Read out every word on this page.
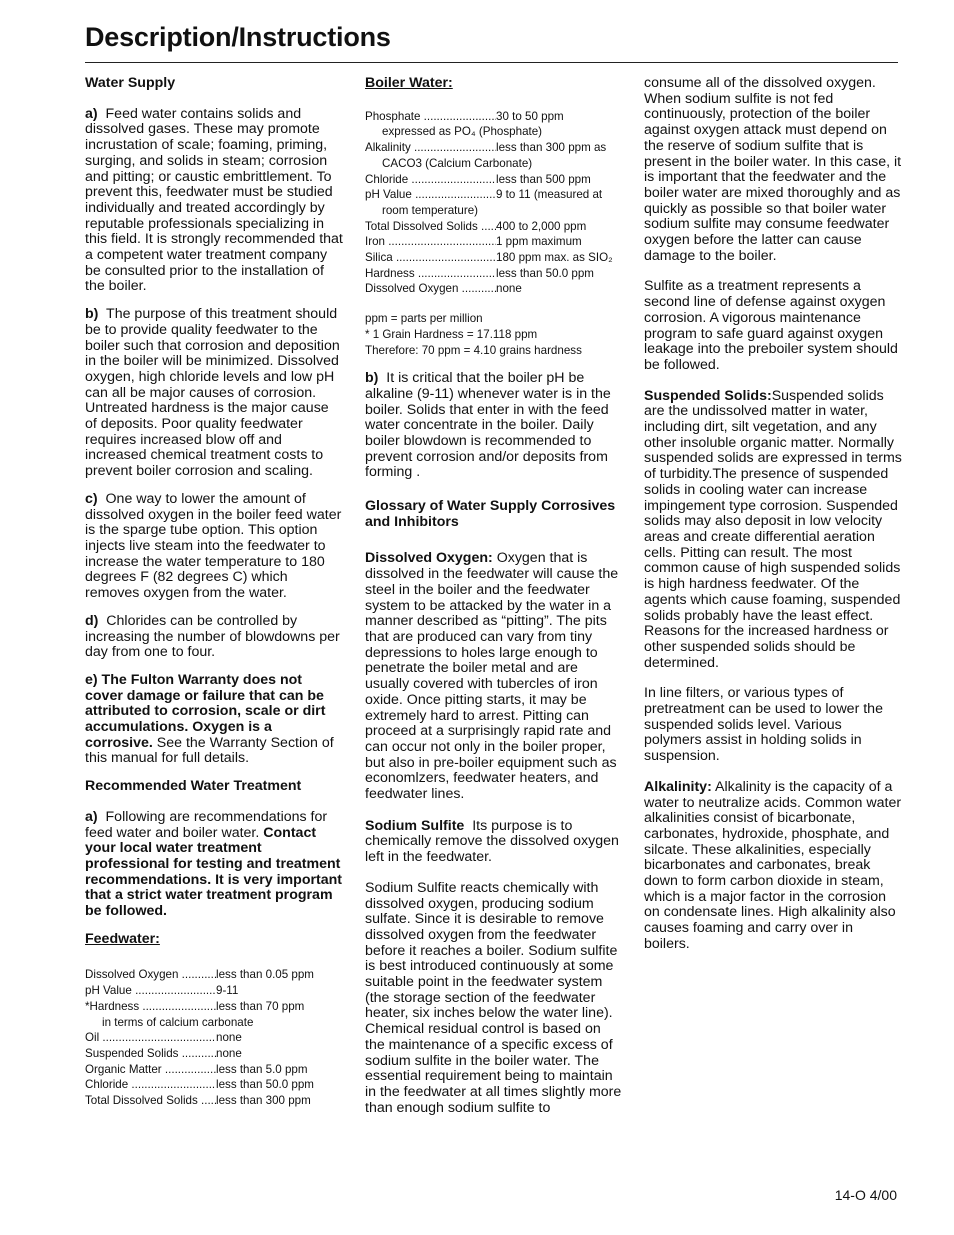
Description/Instructions

Water Supply

a) Feed water contains solids and dissolved gases. These may promote incrustation of scale; foaming, priming, surging, and solids in steam; corrosion and pitting; or caustic embrittlement. To prevent this, feedwater must be studied individually and treated accordingly by reputable professionals specializing in this field. It is strongly recommended that a competent water treatment company be consulted prior to the installation of the boiler.

b) The purpose of this treatment should be to provide quality feedwater to the boiler such that corrosion and deposition in the boiler will be minimized. Dissolved oxygen, high chloride levels and low pH can all be major causes of corrosion. Untreated hardness is the major cause of deposits. Poor quality feedwater requires increased blow off and increased chemical treatment costs to prevent boiler corrosion and scaling.

c) One way to lower the amount of dissolved oxygen in the boiler feed water is the sparge tube option. This option injects live steam into the feedwater to increase the water temperature to 180 degrees F (82 degrees C) which removes oxygen from the water.

d) Chlorides can be controlled by increasing the number of blowdowns per day from one to four.

e) The Fulton Warranty does not cover damage or failure that can be attributed to corrosion, scale or dirt accumulations. Oxygen is a corrosive. See the Warranty Section of this manual for full details.

Recommended Water Treatment

a) Following are recommendations for feed water and boiler water. Contact your local water treatment professional for testing and treatment recommendations. It is very important that a strict water treatment program be followed.

Feedwater:

Dissolved Oxygen .....	less than 0.05 ppm
pH Value .....	9-11
*Hardness .....	less than 70 ppm
in terms of calcium carbonate
Oil .....	none
Suspended Solids .....	none
Organic Matter .....	less than 5.0 ppm
Chloride .....	less than 50.0 ppm
Total Dissolved Solids .....	less than 300 ppm

Boiler Water:

Phosphate .....	30 to 50 ppm
expressed as PO₄ (Phosphate)
Alkalinity .....	less than 300 ppm as
CACO3 (Calcium Carbonate)
Chloride .....	less than 500 ppm
pH Value .....	9 to 11 (measured at
room temperature)
Total Dissolved Solids .....	400 to 2,000 ppm
Iron .....	1 ppm maximum
Silica .....	180 ppm max. as SIO₂
Hardness .....	less than 50.0 ppm
Dissolved Oxygen .....	none
ppm = parts per million
* 1 Grain Hardness = 17.118 ppm
Therefore: 70 ppm = 4.10 grains hardness

b) It is critical that the boiler pH be alkaline (9-11) whenever water is in the boiler. Solids that enter in with the feed water concentrate in the boiler. Daily boiler blowdown is recommended to prevent corrosion and/or deposits from forming .

Glossary of Water Supply Corrosives and Inhibitors

Dissolved Oxygen: Oxygen that is dissolved in the feedwater will cause the steel in the boiler and the feedwater system to be attacked by the water in a manner described as “pitting”. The pits that are produced can vary from tiny depressions to holes large enough to penetrate the boiler metal and are usually covered with tubercles of iron oxide. Once pitting starts, it may be extremely hard to arrest. Pitting can proceed at a surprisingly rapid rate and can occur not only in the boiler proper, but also in pre-boiler equipment such as economlzers, feedwater heaters, and feedwater lines.

Sodium Sulfite Its purpose is to chemically remove the dissolved oxygen left in the feedwater.

Sodium Sulfite reacts chemically with dissolved oxygen, producing sodium sulfate. Since it is desirable to remove dissolved oxygen from the feedwater before it reaches a boiler. Sodium sulfite is best introduced continuously at some suitable point in the feedwater system (the storage section of the feedwater heater, six inches below the water line). Chemical residual control is based on the maintenance of a specific excess of sodium sulfite in the boiler water. The essential requirement being to maintain in the feedwater at all times slightly more than enough sodium sulfite to

consume all of the dissolved oxygen. When sodium sulfite is not fed continuously, protection of the boiler against oxygen attack must depend on the reserve of sodium sulfite that is present in the boiler water. In this case, it is important that the feedwater and the boiler water are mixed thoroughly and as quickly as possible so that boiler water sodium sulfite may consume feedwater oxygen before the latter can cause damage to the boiler.

Sulfite as a treatment represents a second line of defense against oxygen corrosion. A vigorous maintenance program to safe guard against oxygen leakage into the preboiler system should be followed.

Suspended Solids:Suspended solids are the undissolved matter in water, including dirt, silt vegetation, and any other insoluble organic matter. Normally suspended solids are expressed in terms of turbidity.The presence of suspended solids in cooling water can increase impingement type corrosion. Suspended solids may also deposit in low velocity areas and create differential aeration cells. Pitting can result. The most common cause of high suspended solids is high hardness feedwater. Of the agents which cause foaming, suspended solids probably have the least effect. Reasons for the increased hardness or other suspended solids should be determined.

In line filters, or various types of pretreatment can be used to lower the suspended solids level. Various polymers assist in holding solids in suspension.

Alkalinity: Alkalinity is the capacity of a water to neutralize acids. Common water alkalinities consist of bicarbonate, carbonates, hydroxide, phosphate, and silcate. These alkalinities, especially bicarbonates and carbonates, break down to form carbon dioxide in steam, which is a major factor in the corrosion on condensate lines. High alkalinity also causes foaming and carry over in boilers.

14-O 4/00
